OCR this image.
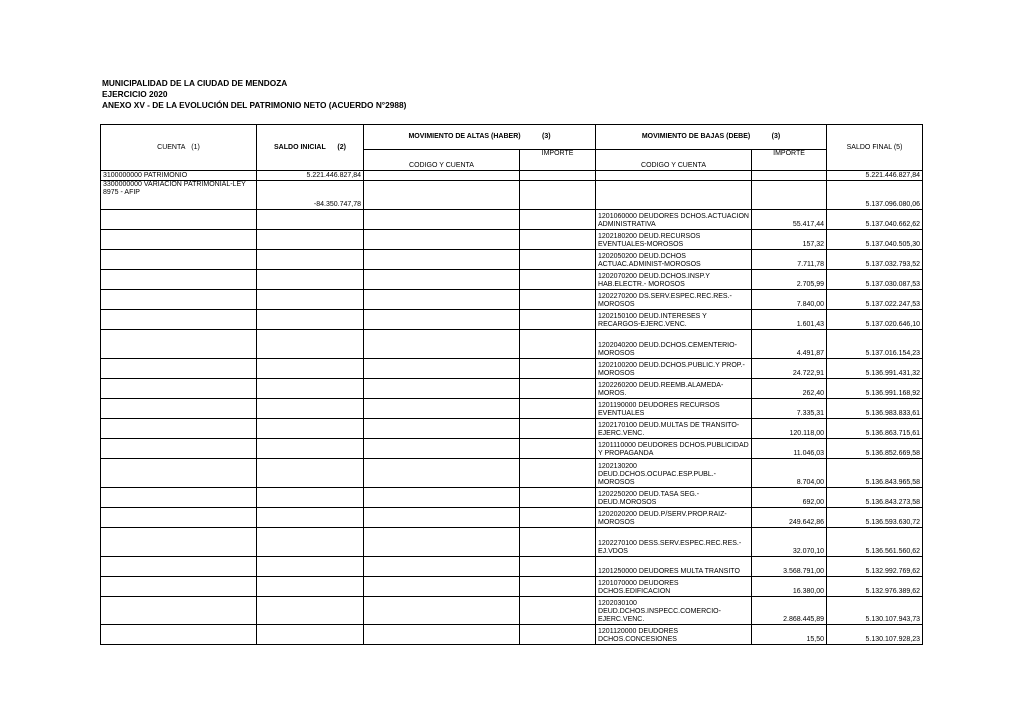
MUNICIPALIDAD DE LA CIUDAD DE MENDOZA
EJERCICIO 2020
ANEXO XV - DE LA EVOLUCIÓN DEL PATRIMONIO NETO (ACUERDO N°2988)
CUENTA (1)	SALDO INICIAL (2)	MOVIMIENTO DE ALTAS (HABER) (3)		MOVIMIENTO DE BAJAS (DEBE) (3)		SALDO FINAL (5)
		CODIGO Y CUENTA	IMPORTE	CODIGO Y CUENTA	IMPORTE	
3100000000 PATRIMONIO	5.221.446.827,84					5.221.446.827,84
3300000000 VARIACION PATRIMONIAL-LEY 8975 - AFIP	-84.350.747,78					5.137.096.080,06
				1201060000 DEUDORES DCHOS.ACTUACION ADMINISTRATIVA	55.417,44	5.137.040.662,62
				1202180200 DEUD.RECURSOS EVENTUALES-MOROSOS	157,32	5.137.040.505,30
				1202050200 DEUD.DCHOS ACTUAC.ADMINIST-MOROSOS	7.711,78	5.137.032.793,52
				1202070200 DEUD.DCHOS.INSP.Y HAB.ELECTR.- MOROSOS	2.705,99	5.137.030.087,53
				1202270200 DS.SERV.ESPEC.REC.RES.-MOROSOS	7.840,00	5.137.022.247,53
				1202150100 DEUD.INTERESES Y RECARGOS-EJERC.VENC.	1.601,43	5.137.020.646,10
				1202040200 DEUD.DCHOS.CEMENTERIO-MOROSOS	4.491,87	5.137.016.154,23
				1202100200 DEUD.DCHOS.PUBLIC.Y PROP.- MOROSOS	24.722,91	5.136.991.431,32
				1202260200 DEUD.REEMB.ALAMEDA-MOROS.	262,40	5.136.991.168,92
				1201190000 DEUDORES RECURSOS EVENTUALES	7.335,31	5.136.983.833,61
				1202170100 DEUD.MULTAS DE TRANSITO-EJERC.VENC.	120.118,00	5.136.863.715,61
				1201110000 DEUDORES DCHOS.PUBLICIDAD Y PROPAGANDA	11.046,03	5.136.852.669,58
				1202130200 DEUD.DCHOS.OCUPAC.ESP.PUBL.-MOROSOS	8.704,00	5.136.843.965,58
				1202250200 DEUD.TASA SEG.-DEUD.MOROSOS	692,00	5.136.843.273,58
				1202020200 DEUD.P/SERV.PROP.RAIZ-MOROSOS	249.642,86	5.136.593.630,72
				1202270100 DESS.SERV.ESPEC.REC.RES.-EJ.VDOS	32.070,10	5.136.561.560,62
				1201250000 DEUDORES MULTA TRANSITO	3.568.791,00	5.132.992.769,62
				1201070000 DEUDORES DCHOS.EDIFICACION	16.380,00	5.132.976.389,62
				1202030100 DEUD.DCHOS.INSPECC.COMERCIO-EJERC.VENC.	2.868.445,89	5.130.107.943,73
				1201120000 DEUDORES DCHOS.CONCESIONES	15,50	5.130.107.928,23
